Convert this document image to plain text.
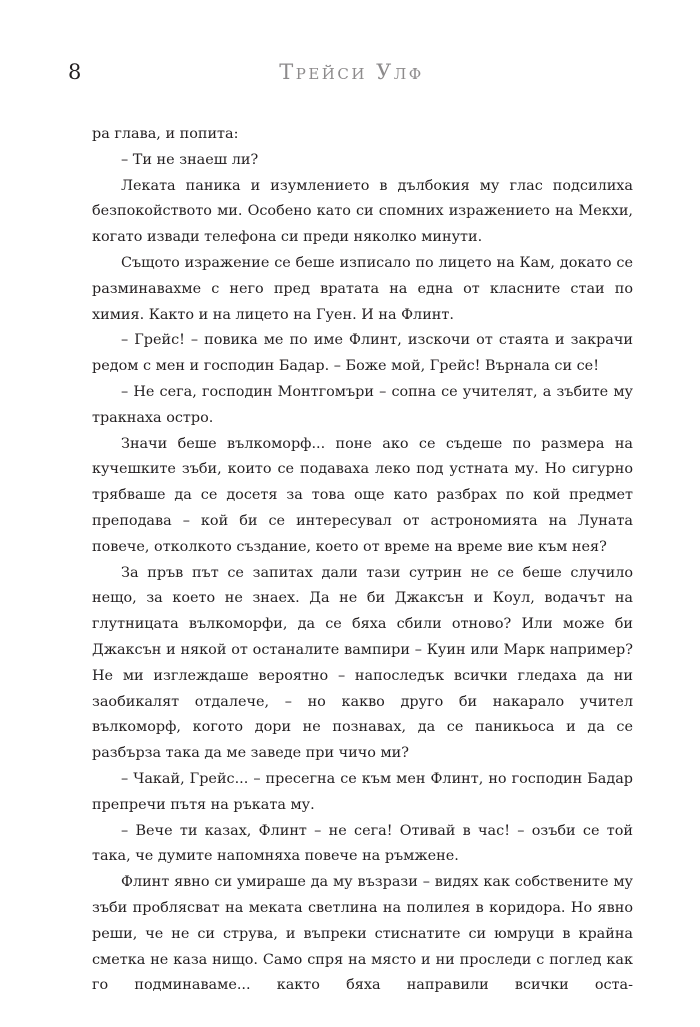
8	Трейси Улф

ра глава, и попита:

– Ти не знаеш ли?

Леката паника и изумлението в дълбокия му глас подсилиха безпокойството ми. Особено като си спомних изражението на Мекхи, когато извади телефона си преди няколко минути.

Същото изражение се беше изписало по лицето на Кам, докато се разминавахме с него пред вратата на една от класните стаи по химия. Както и на лицето на Гуен. И на Флинт.

– Грейс! – повика ме по име Флинт, изскочи от стаята и закрачи редом с мен и господин Бадар. – Боже мой, Грейс! Върнала си се!

– Не сега, господин Монтгомъри – сопна се учителят, а зъбите му тракнаха остро.

Значи беше вълкоморф... поне ако се съдеше по размера на кучешките зъби, които се подаваха леко под устната му. Но сигурно трябваше да се досетя за това още като разбрах по кой предмет преподава – кой би се интересувал от астрономията на Луната повече, отколкото създание, което от време на време вие към нея?

За пръв път се запитах дали тази сутрин не се беше случило нещо, за което не знаех. Да не би Джаксън и Коул, водачът на глутницата вълкоморфи, да се бяха сбили отново? Или може би Джаксън и някой от останалите вампири – Куин или Марк например? Не ми изглеждаше вероятно – напоследък всички гледаха да ни заобикалят отдалече, – но какво друго би накарало учител вълкоморф, когото дори не познавах, да се паникьоса и да се разбърза така да ме заведе при чичо ми?

– Чакай, Грейс... – пресегна се към мен Флинт, но господин Бадар препречи пътя на ръката му.

– Вече ти казах, Флинт – не сега! Отивай в час! – озъби се той така, че думите напомняха повече на ръмжене.

Флинт явно си умираше да му възрази – видях как собствените му зъби проблясват на меката светлина на полилея в коридора. Но явно реши, че не си струва, и въпреки стиснатите си юмруци в крайна сметка не каза нищо. Само спря на място и ни проследи с поглед как го подминаваме... както бяха направили всички оста-
